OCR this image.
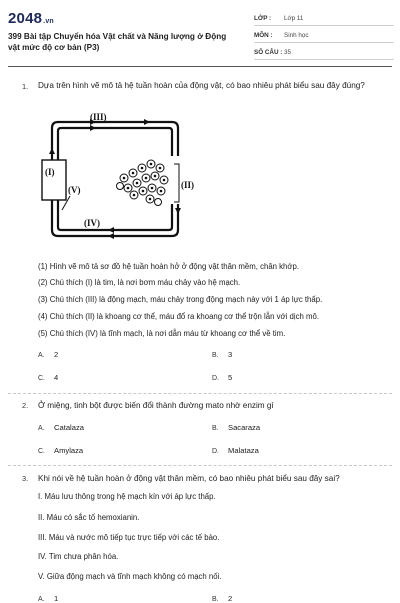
2048.vn
399 Bài tập Chuyển hóa Vật chất và Năng lượng ở Động vật mức độ cơ bản (P3)
LỚP : Lớp 11
MÔN : Sinh học
SỐ CÂU : 35
1. Dựa trên hình vẽ mô tả hệ tuần hoàn của động vật, có bao nhiêu phát biểu sau đây đúng?
(I)
(V)
(III)
(IV)
(II)
(1) Hình vẽ mô tả sơ đồ hệ tuần hoàn hở ở động vật thân mềm, chân khớp.
(2) Chú thích (I) là tim, là nơi bơm máu chảy vào hệ mạch.
(3) Chú thích (III) là động mạch, máu chảy trong động mạch này với 1 áp lực thấp.
(4) Chú thích (II) là khoang cơ thể, máu đổ ra khoang cơ thể trộn lẫn với dịch mô.
(5) Chú thích (IV) là tĩnh mạch, là nơi dẫn máu từ khoang cơ thể về tim.
A. 2	B. 3
C. 4	D. 5
2. Ở miệng, tinh bột được biến đổi thành đường mato nhờ enzim gì
A. Catalaza	B. Sacaraza
C. Amylaza	D. Malataza
3. Khi nói về hệ tuần hoàn ở động vật thân mềm, có bao nhiêu phát biểu sau đây sai?
I. Máu lưu thông trong hệ mạch kín với áp lực thấp.
II. Máu có sắc tố hemoxianin.
III. Máu và nước mô tiếp tục trực tiếp với các tế bào.
IV. Tim chưa phân hóa.
V. Giữa động mạch và tĩnh mạch không có mạch nối.
A. 1	B. 2
